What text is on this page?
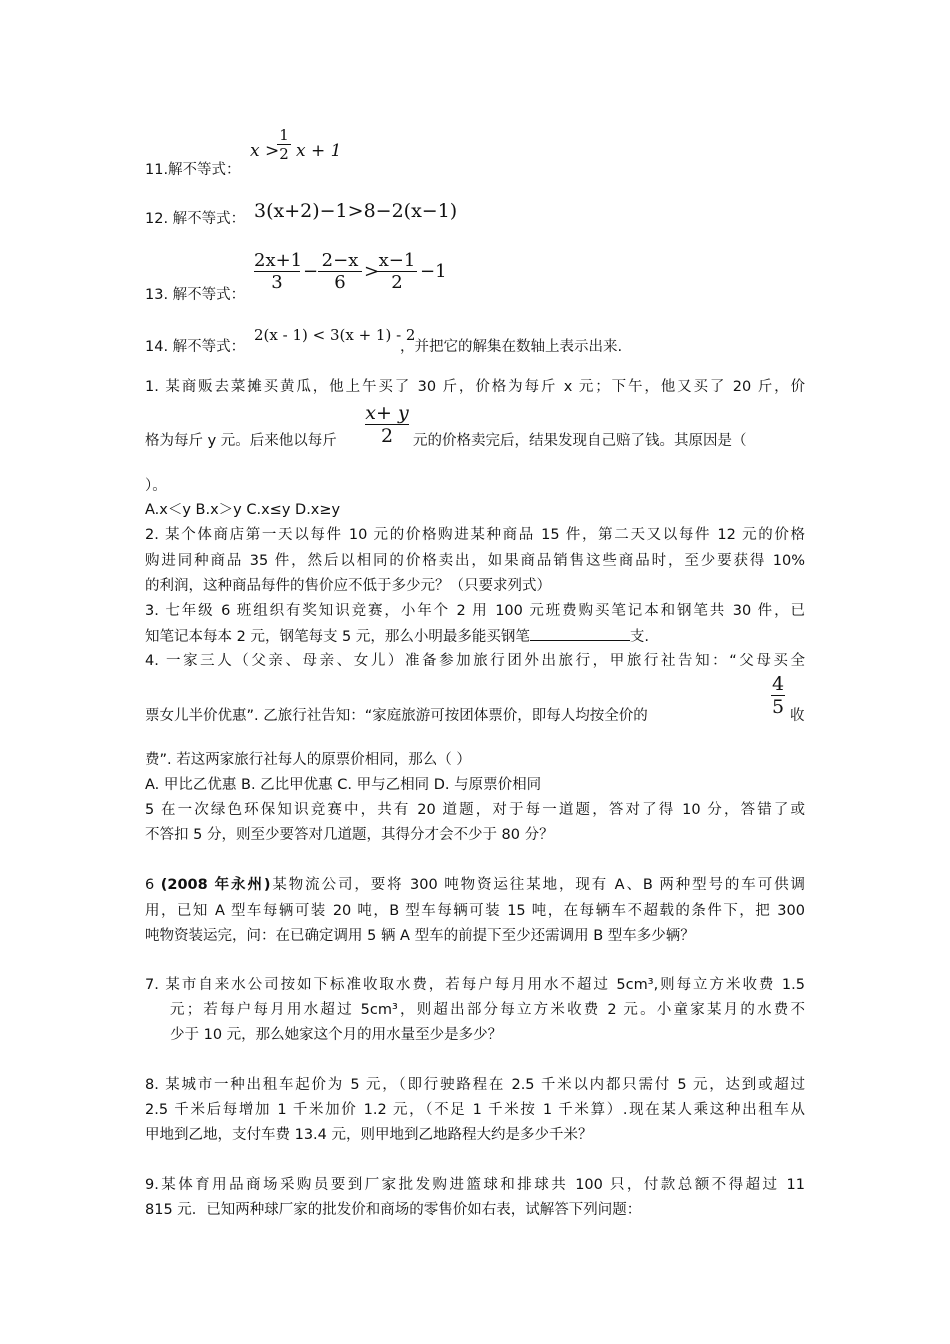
x >
1
2 x + 1
11.解不等式：
12. 解不等式： 3(x+2)−1>8−2(x−1)
13. 解不等式：
2x+1
3
−
2−x
6
>
x−1
2
−1
14. 解不等式：
2(x - 1) < 3(x + 1) - 2
，并把它的解集在数轴上表示出来.
1. 某商贩去菜摊买黄瓜，他上午买了 30 斤，价格为每斤 x 元；下午，他又买了 20 斤，价
格为每斤 y 元。后来他以每斤
x+ y
2	元的价格卖完后，结果发现自己赔了钱。其原因是（
）。
A.x＜y B.x＞y C.x≤y D.x≥y
2. 某个体商店第一天以每件 10 元的价格购进某种商品 15 件，第二天又以每件 12 元的价格
购进同种商品 35 件，然后以相同的价格卖出，如果商品销售这些商品时，至少要获得 10%
的利润，这种商品每件的售价应不低于多少元？（只要求列式）
3. 七年级 6 班组织有奖知识竞赛，小年个 2 用 100 元班费购买笔记本和钢笔共 30 件，已
知笔记本每本 2 元，钢笔每支 5 元，那么小明最多能买钢笔	支.
4. 一家三人（父亲、母亲、女儿）准备参加旅行团外出旅行，甲旅行社告知：“父母买全
票女儿半价优惠”. 乙旅行社告知：“家庭旅游可按团体票价，即每人均按全价的
4
5 收
费”. 若这两家旅行社每人的原票价相同，那么（ ）
A. 甲比乙优惠 B. 乙比甲优惠 C. 甲与乙相同 D. 与原票价相同
5 在一次绿色环保知识竞赛中，共有 20 道题，对于每一道题，答对了得 10 分，答错了或
不答扣 5 分，则至少要答对几道题，其得分才会不少于 80 分？
6 (2008 年永州)某物流公司，要将 300 吨物资运往某地，现有 A、B 两种型号的车可供调
用，已知 A 型车每辆可装 20 吨，B 型车每辆可装 15 吨，在每辆车不超载的条件下，把 300
吨物资装运完，问：在已确定调用 5 辆 A 型车的前提下至少还需调用 B 型车多少辆？
7. 某市自来水公司按如下标准收取水费，若每户每月用水不超过 5cm³,则每立方米收费 1.5
元；若每户每月用水超过 5cm³，则超出部分每立方米收费 2 元。小童家某月的水费不
少于 10 元，那么她家这个月的用水量至少是多少？
8. 某城市一种出租车起价为 5 元，（即行驶路程在 2.5 千米以内都只需付 5 元，达到或超过
2.5 千米后每增加 1 千米加价 1.2 元，（不足 1 千米按 1 千米算）.现在某人乘这种出租车从
甲地到乙地，支付车费 13.4 元，则甲地到乙地路程大约是多少千米？
9.某体育用品商场采购员要到厂家批发购进篮球和排球共 100 只，付款总额不得超过 11
815 元．已知两种球厂家的批发价和商场的零售价如右表，试解答下列问题：
